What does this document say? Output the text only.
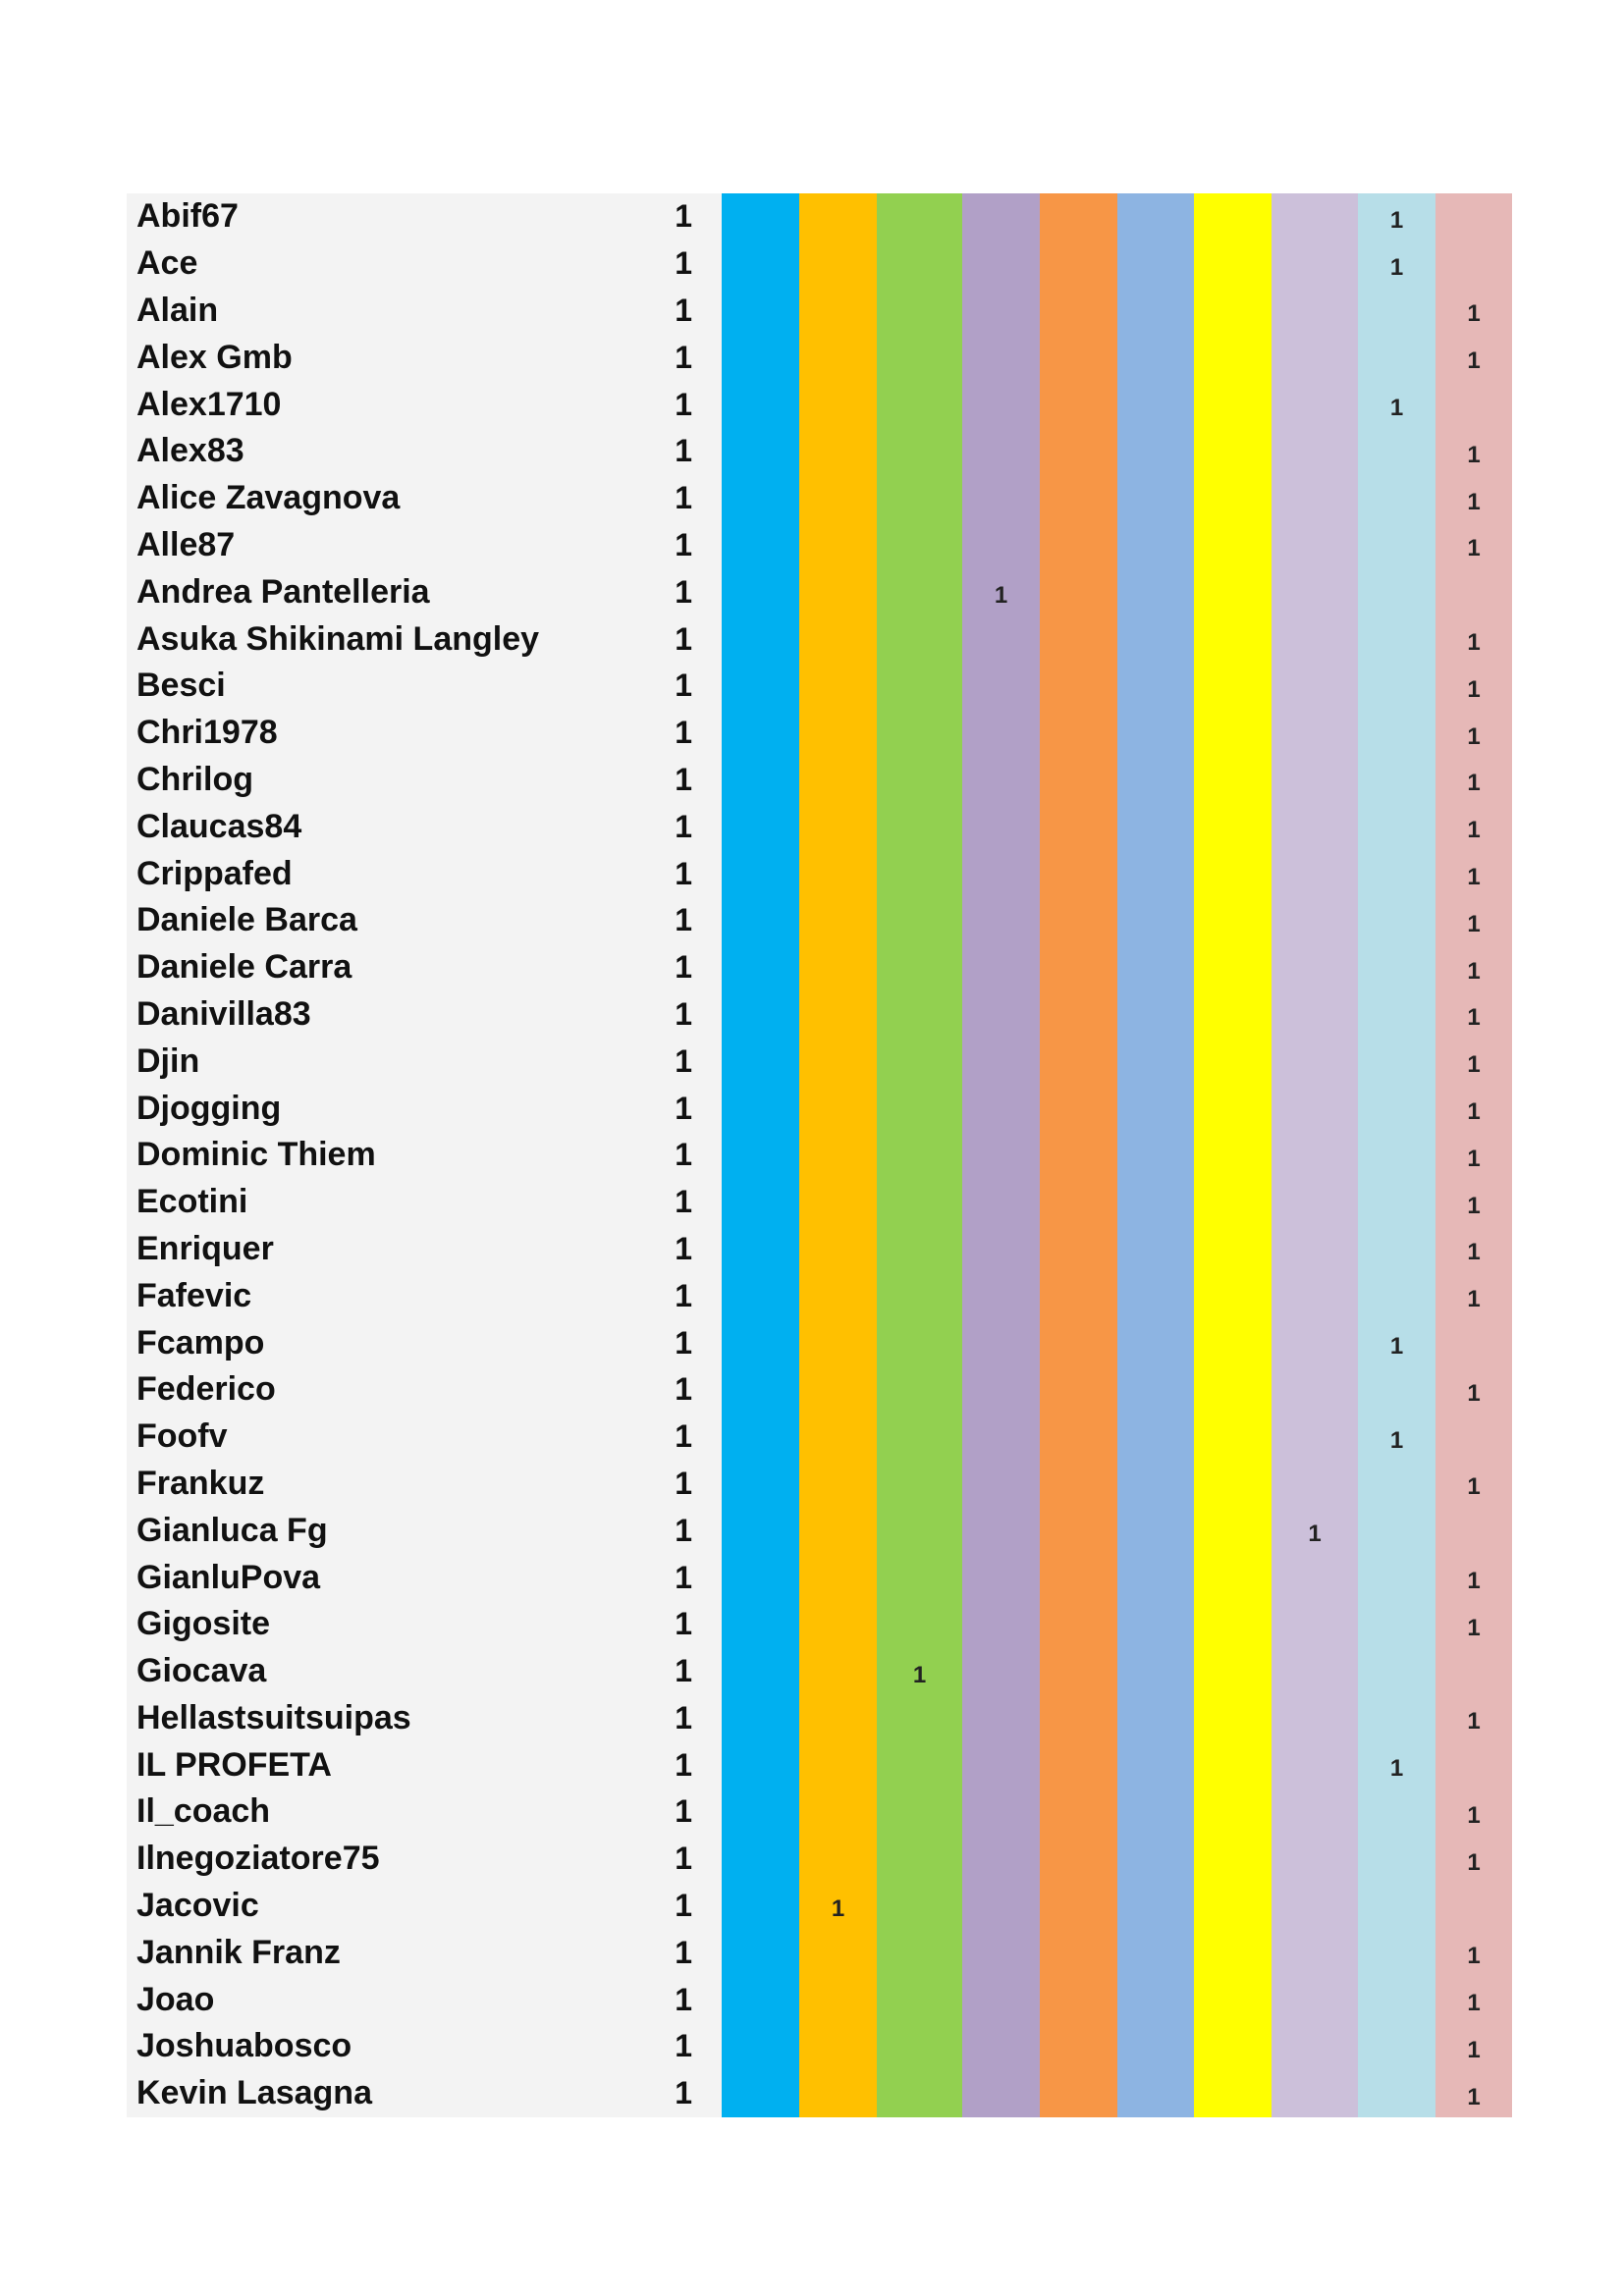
Abif67	1									1	
Ace	1									1	
Alain	1										1
Alex Gmb	1										1
Alex1710	1									1	
Alex83	1										1
Alice Zavagnova	1										1
Alle87	1										1
Andrea Pantelleria	1				1						
Asuka Shikinami Langley	1										1
Besci	1										1
Chri1978	1										1
Chrilog	1										1
Claucas84	1										1
Crippafed	1										1
Daniele Barca	1										1
Daniele Carra	1										1
Danivilla83	1										1
Djin	1										1
Djogging	1										1
Dominic Thiem	1										1
Ecotini	1										1
Enriquer	1										1
Fafevic	1										1
Fcampo	1									1	
Federico	1										1
Foofv	1									1	
Frankuz	1										1
Gianluca Fg	1								1		
GianluPova	1										1
Gigosite	1										1
Giocava	1			1							
Hellastsuitsuipas	1										1
IL PROFETA	1									1	
Il_coach	1										1
Ilnegoziatore75	1										1
Jacovic	1		1								
Jannik Franz	1										1
Joao	1										1
Joshuabosco	1										1
Kevin Lasagna	1										1
